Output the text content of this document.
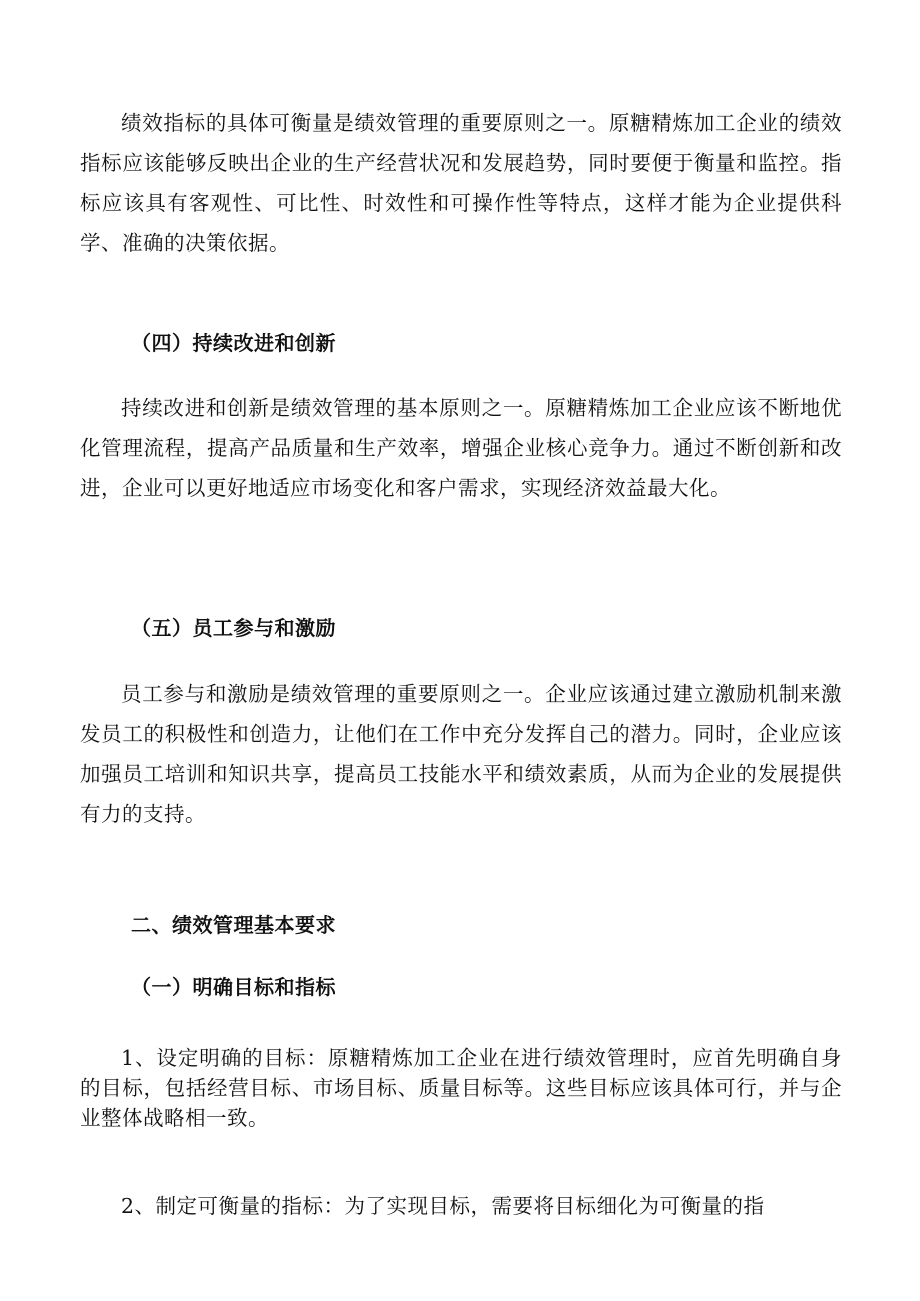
绩效指标的具体可衡量是绩效管理的重要原则之一。原糖精炼加工企业的绩效指标应该能够反映出企业的生产经营状况和发展趋势，同时要便于衡量和监控。指标应该具有客观性、可比性、时效性和可操作性等特点，这样才能为企业提供科学、准确的决策依据。

（四）持续改进和创新

持续改进和创新是绩效管理的基本原则之一。原糖精炼加工企业应该不断地优化管理流程，提高产品质量和生产效率，增强企业核心竞争力。通过不断创新和改进，企业可以更好地适应市场变化和客户需求，实现经济效益最大化。

（五）员工参与和激励

员工参与和激励是绩效管理的重要原则之一。企业应该通过建立激励机制来激发员工的积极性和创造力，让他们在工作中充分发挥自己的潜力。同时，企业应该加强员工培训和知识共享，提高员工技能水平和绩效素质，从而为企业的发展提供有力的支持。

二、绩效管理基本要求
（一）明确目标和指标

1、设定明确的目标：原糖精炼加工企业在进行绩效管理时，应首先明确自身的目标，包括经营目标、市场目标、质量目标等。这些目标应该具体可行，并与企业整体战略相一致。

2、制定可衡量的指标：为了实现目标，需要将目标细化为可衡量的指
